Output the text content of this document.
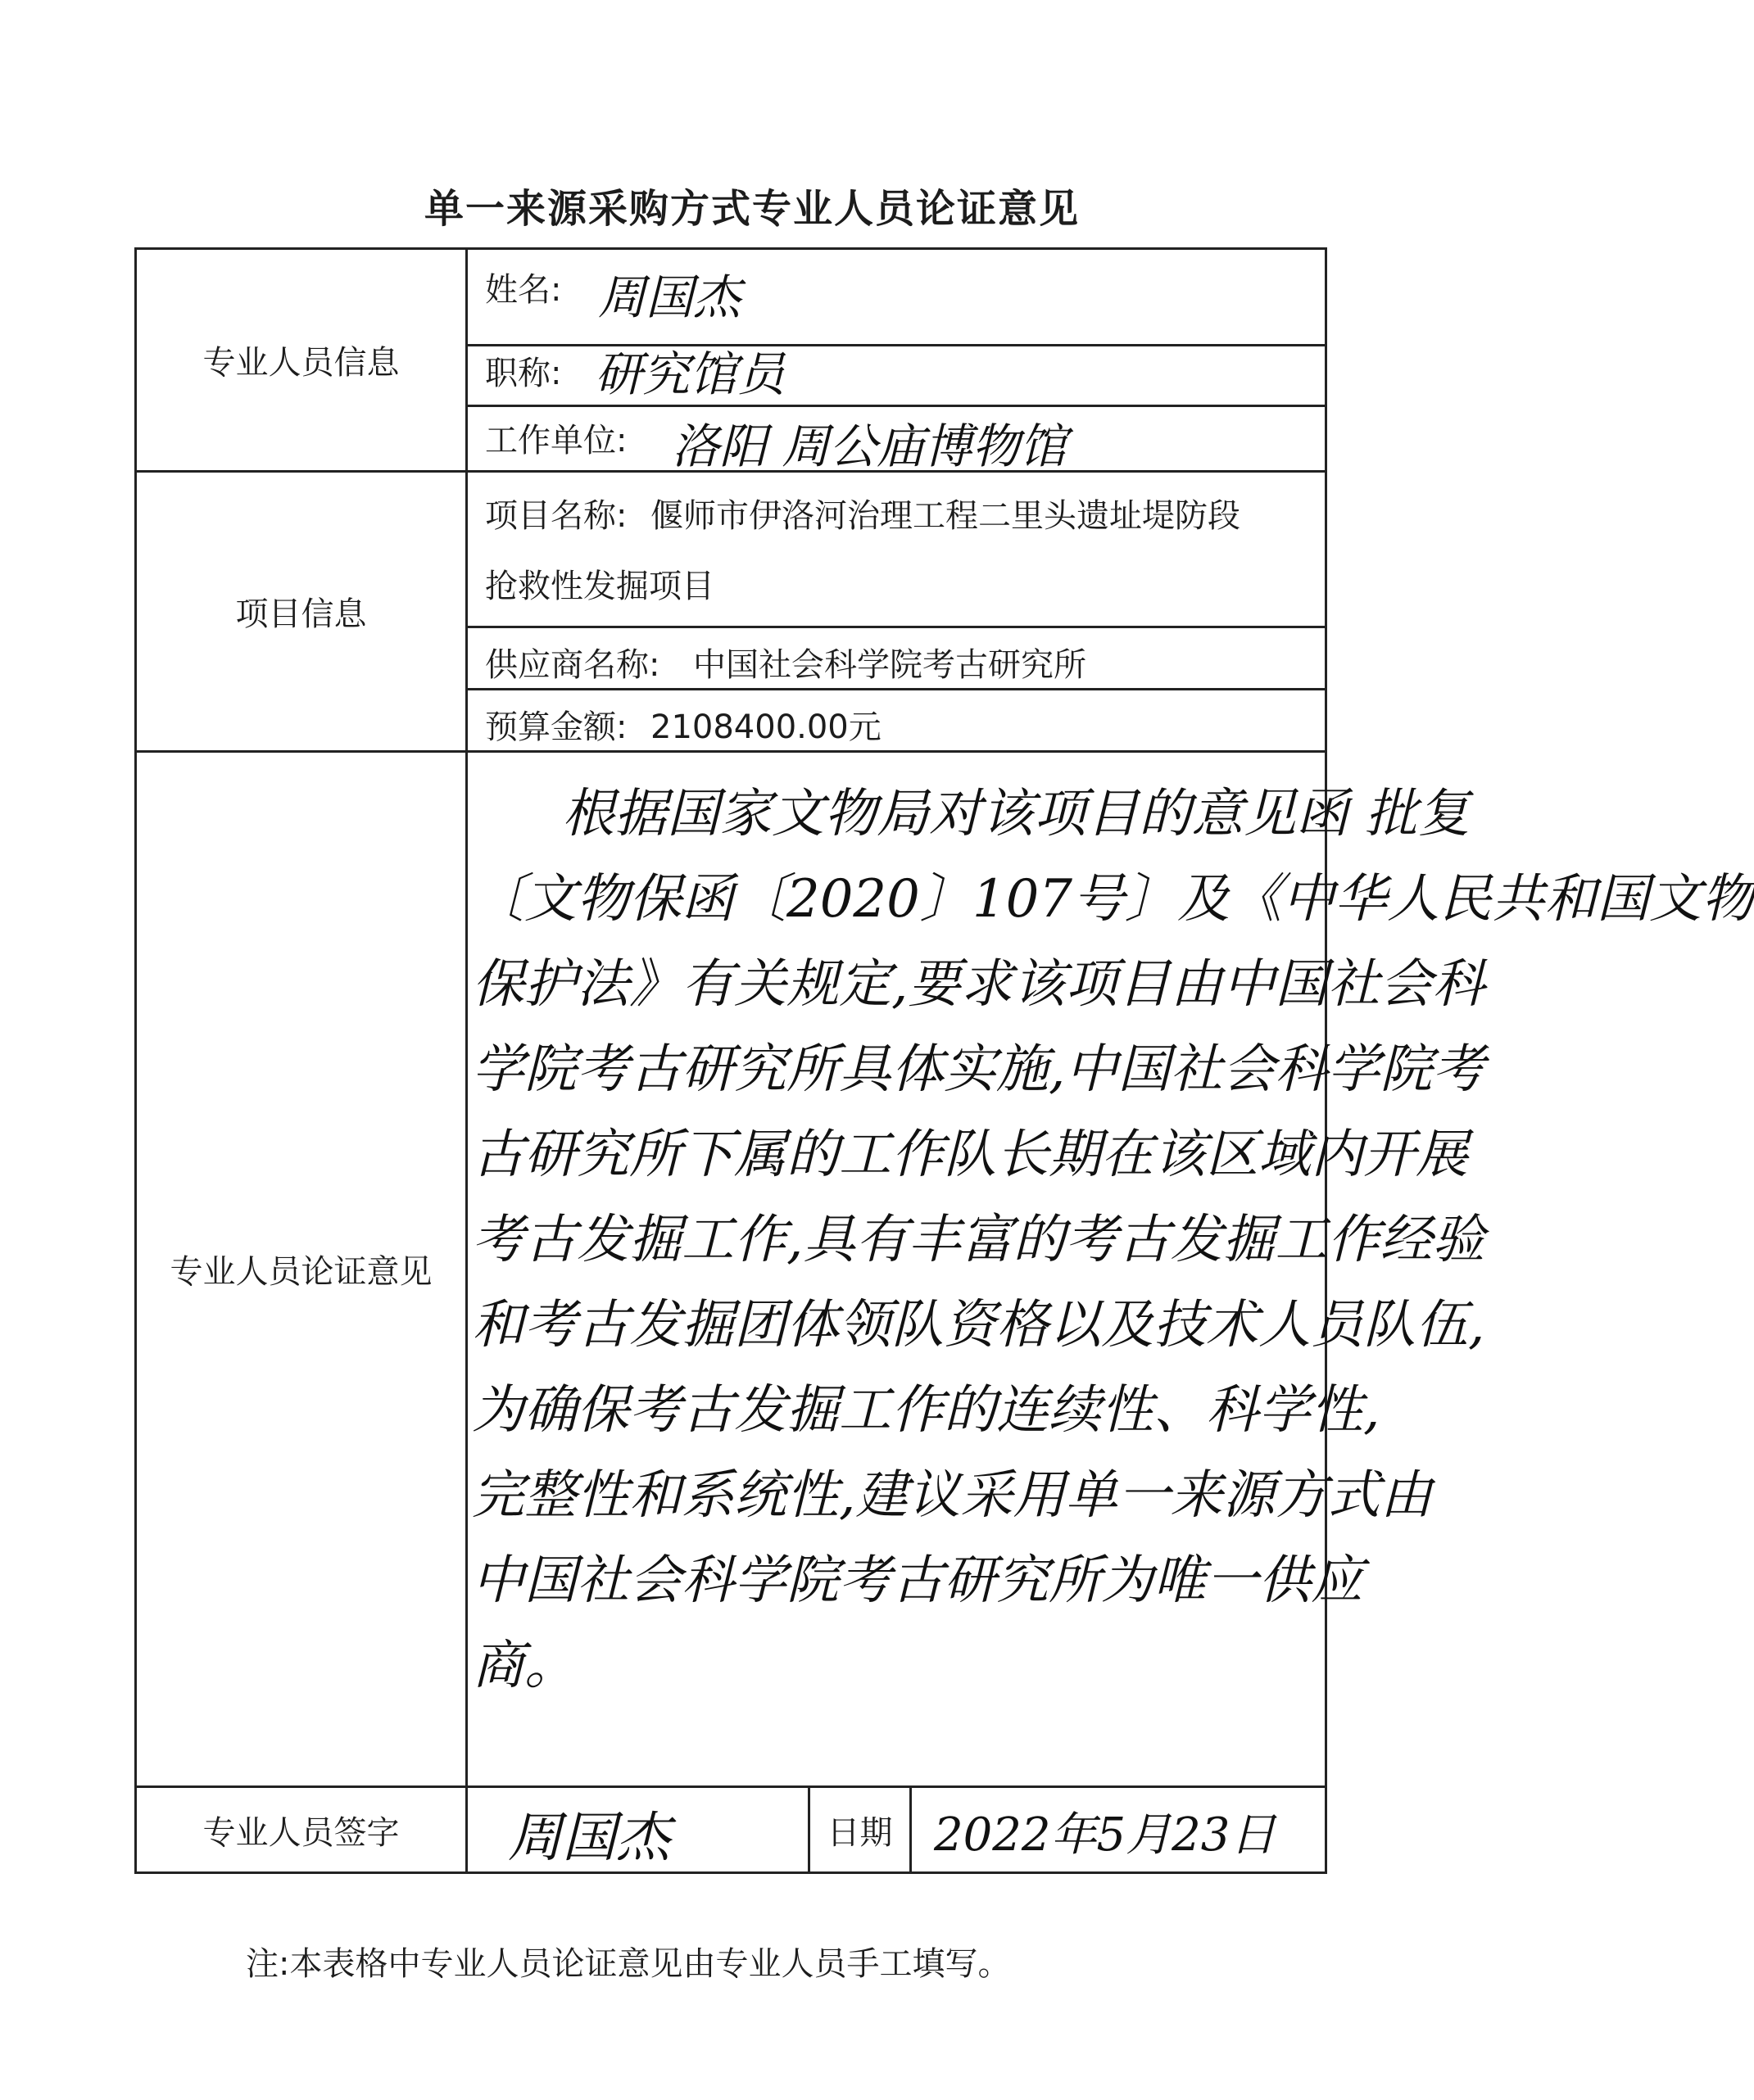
单一来源采购方式专业人员论证意见
专业人员信息
姓名: 周国杰
职称: 研究馆员
工作单位: 洛阳 周公庙博物馆
项目信息
项目名称: 偃师市伊洛河治理工程二里头遗址堤防段
抢救性发掘项目
供应商名称: 中国社会科学院考古研究所
预算金额: 2108400.00元
专业人员论证意见
根据国家文物局对该项目的意见函 批复
〔文物保函〔2020〕107号〕及《中华人民共和国文物
保护法》有关规定,要求该项目由中国社会科
学院考古研究所具体实施,中国社会科学院考
古研究所下属的工作队长期在该区域内开展
考古发掘工作,具有丰富的考古发掘工作经验
和考古发掘团体领队资格以及技术人员队伍,
为确保考古发掘工作的连续性、科学性,
完整性和系统性,建议采用单一来源方式由
中国社会科学院考古研究所为唯一供应
商。
专业人员签字	周国杰	日期 2022年5月23日
注:本表格中专业人员论证意见由专业人员手工填写。
